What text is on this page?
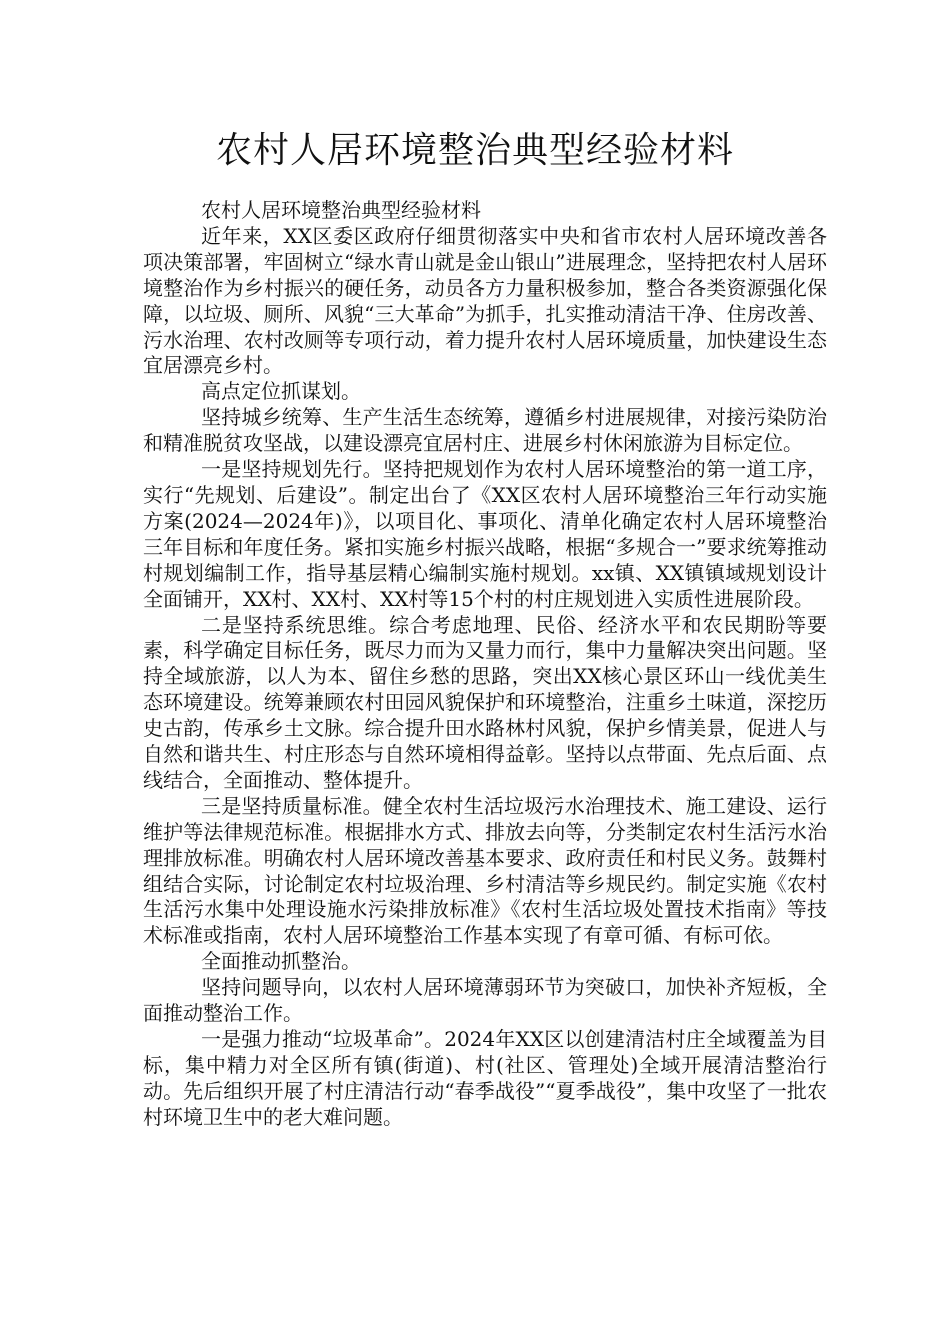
农村人居环境整治典型经验材料

农村人居环境整治典型经验材料

近年来，XX区委区政府仔细贯彻落实中央和省市农村人居环境改善各项决策部署，牢固树立“绿水青山就是金山银山”进展理念，坚持把农村人居环境整治作为乡村振兴的硬任务，动员各方力量积极参加，整合各类资源强化保障，以垃圾、厕所、风貌“三大革命”为抓手，扎实推动清洁干净、住房改善、污水治理、农村改厕等专项行动，着力提升农村人居环境质量，加快建设生态宜居漂亮乡村。

高点定位抓谋划。

坚持城乡统筹、生产生活生态统筹，遵循乡村进展规律，对接污染防治和精准脱贫攻坚战，以建设漂亮宜居村庄、进展乡村休闲旅游为目标定位。

一是坚持规划先行。坚持把规划作为农村人居环境整治的第一道工序，实行“先规划、后建设”。制定出台了《XX区农村人居环境整治三年行动实施方案(2024—2024年)》，以项目化、事项化、清单化确定农村人居环境整治三年目标和年度任务。紧扣实施乡村振兴战略，根据“多规合一”要求统筹推动村规划编制工作，指导基层精心编制实施村规划。xx镇、XX镇镇域规划设计全面铺开，XX村、XX村、XX村等15个村的村庄规划进入实质性进展阶段。

二是坚持系统思维。综合考虑地理、民俗、经济水平和农民期盼等要素，科学确定目标任务，既尽力而为又量力而行，集中力量解决突出问题。坚持全域旅游，以人为本、留住乡愁的思路，突出XX核心景区环山一线优美生态环境建设。统筹兼顾农村田园风貌保护和环境整治，注重乡土味道，深挖历史古韵，传承乡土文脉。综合提升田水路林村风貌，保护乡情美景，促进人与自然和谐共生、村庄形态与自然环境相得益彰。坚持以点带面、先点后面、点线结合，全面推动、整体提升。

三是坚持质量标准。健全农村生活垃圾污水治理技术、施工建设、运行维护等法律规范标准。根据排水方式、排放去向等，分类制定农村生活污水治理排放标准。明确农村人居环境改善基本要求、政府责任和村民义务。鼓舞村组结合实际，讨论制定农村垃圾治理、乡村清洁等乡规民约。制定实施《农村生活污水集中处理设施水污染排放标准》《农村生活垃圾处置技术指南》等技术标准或指南，农村人居环境整治工作基本实现了有章可循、有标可依。

全面推动抓整治。

坚持问题导向，以农村人居环境薄弱环节为突破口，加快补齐短板，全面推动整治工作。

一是强力推动“垃圾革命”。2024年XX区以创建清洁村庄全域覆盖为目标，集中精力对全区所有镇(街道)、村(社区、管理处)全域开展清洁整治行动。先后组织开展了村庄清洁行动“春季战役”“夏季战役”，集中攻坚了一批农村环境卫生中的老大难问题。
